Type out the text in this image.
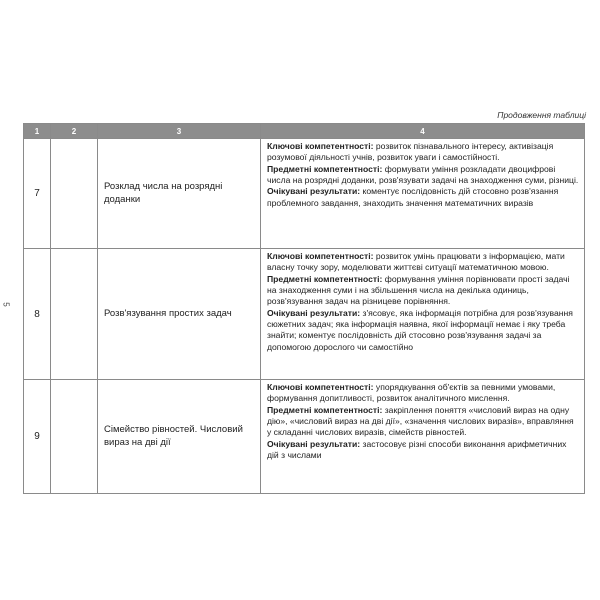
Продовження таблиці
5
1	2	3	4
7		Розклад числа на розрядні доданки	Ключові компетентності: розвиток пізнавального інтересу, активізація розумової діяльності учнів, розвиток уваги і самостійності.

Предметні компетентності: формувати уміння розкладати двоцифрові числа на розрядні доданки, розв'язувати задачі на знаходження суми, різниці.

Очікувані результати: коментує послідовність дій стосовно розв'язання проблемного завдання, знаходить значення математичних виразів

8		Розв'язування простих задач	Ключові компетентності: розвиток умінь працювати з інформацією, мати власну точку зору, моделювати життєві ситуації математичною мовою.

Предметні компетентності: формування уміння порівнювати прості задачі на знаходження суми і на збільшення числа на декілька одиниць, розв'язування задач на різницеве порівняння.

Очікувані результати: з'ясовує, яка інформація потрібна для розв'язування сюжетних задач; яка інформація наявна, якої інформації немає і яку треба знайти; коментує послідовність дій стосовно розв'язування задачі за допомогою дорослого чи самостійно

9		Сімейство рівностей. Числовий вираз на дві дії	Ключові компетентності: упорядкування об'єктів за певними умовами, формування допитливості, розвиток аналітичного мислення.

Предметні компетентності: закріплення поняття «числовий вираз на одну дію», «числовий вираз на дві дії», «значення числових виразів», вправляння у складанні числових виразів, сімейств рівностей.

Очікувані результати: застосовує різні способи виконання арифметичних дій з числами
